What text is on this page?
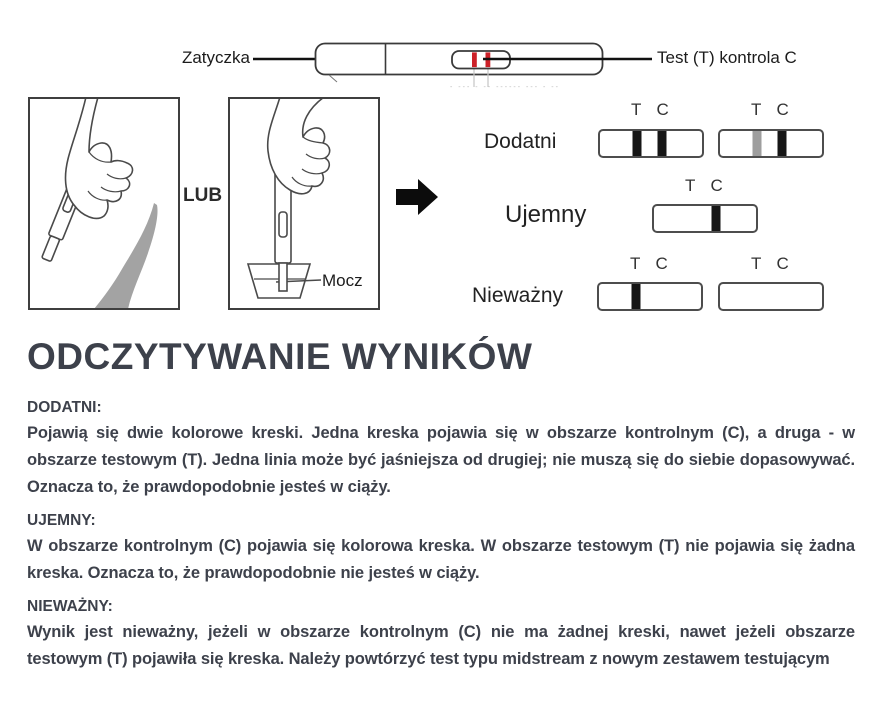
Zatyczka	Test (T) kontrola C
- --- - -- ------ --- - --
LUB
Mocz
Dodatni
T C	T C
Ujemny
T C
Nieważny
T C	T C
ODCZYTYWANIE WYNIKÓW

DODATNI:

Pojawią się dwie kolorowe kreski. Jedna kreska pojawia się w obszarze kontrolnym (C), a druga - w obszarze testowym (T). Jedna linia może być jaśniejsza od drugiej; nie muszą się do siebie dopasowywać. Oznacza to, że prawdopodobnie jesteś w ciąży.

UJEMNY:

W obszarze kontrolnym (C) pojawia się kolorowa kreska. W obszarze testowym (T) nie pojawia się żadna kreska. Oznacza to, że prawdopodobnie nie jesteś w ciąży.

NIEWAŻNY:

Wynik jest nieważny, jeżeli w obszarze kontrolnym (C) nie ma żadnej kreski, nawet jeżeli obszarze testowym (T) pojawiła się kreska. Należy powtórzyć test typu midstream z nowym zestawem testującym
